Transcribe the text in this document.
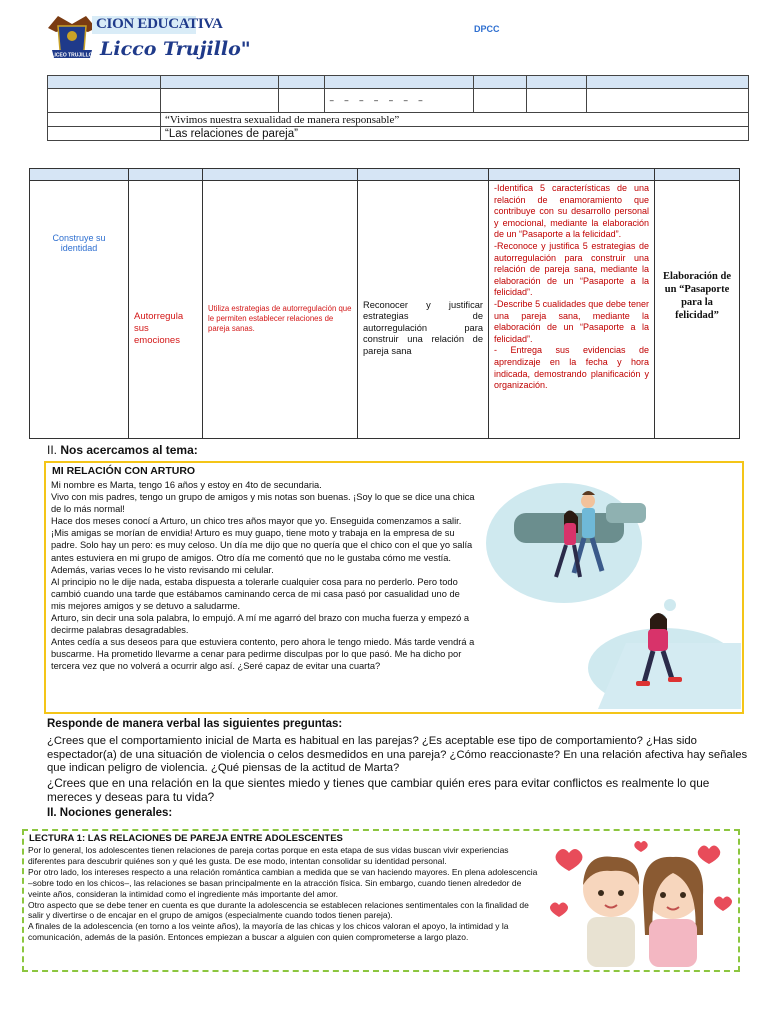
LICEO TRUJILLO
CION EDUCATIVA
Licco Trujillo"
DPCC

			– – – – – – –			
	“Vivimos nuestra sexualidad de manera responsable”					
	“Las relaciones de pareja”					

Construye su identidad	Autorregula sus emociones	Utiliza estrategias de autorregulación que le permiten establecer relaciones de pareja sanas.	Reconocer y justificar estrategias de autorregulación para construir una relación de pareja sana	-Identifica 5 características de una relación de enamoramiento que contribuye con su desarrollo personal y emocional, mediante la elaboración de un “Pasaporte a la felicidad”.
-Reconoce y justifica 5 estrategias de autorregulación para construir una relación de pareja sana, mediante la elaboración de un “Pasaporte a la felicidad”.
-Describe 5 cualidades que debe tener una pareja sana, mediante la elaboración de un “Pasaporte a la felicidad”.
- Entrega sus evidencias de aprendizaje en la fecha y hora indicada, demostrando planificación y organización.	Elaboración de un “Pasaporte para la felicidad”
II. Nos acercamos al tema:
MI RELACIÓN CON ARTURO

Mi nombre es Marta, tengo 16 años y estoy en 4to de secundaria.

Vivo con mis padres, tengo un grupo de amigos y mis notas son buenas. ¡Soy lo que se dice una chica de lo más normal!

Hace dos meses conocí a Arturo, un chico tres años mayor que yo. Enseguida comenzamos a salir. ¡Mis amigas se morían de envidia! Arturo es muy guapo, tiene moto y trabaja en la empresa de su padre. Solo hay un pero: es muy celoso. Un día me dijo que no quería que el chico con el que yo salía antes estuviera en mi grupo de amigos. Otro día me comentó que no le gustaba cómo me vestía. Además, varias veces lo he visto revisando mi celular.

Al principio no le dije nada, estaba dispuesta a tolerarle cualquier cosa para no perderlo. Pero todo cambió cuando una tarde que estábamos caminando cerca de mi casa pasó por casualidad uno de mis mejores amigos y se detuvo a saludarme.

Arturo, sin decir una sola palabra, lo empujó. A mí me agarró del brazo con mucha fuerza y empezó a decirme palabras desagradables.

Antes cedía a sus deseos para que estuviera contento, pero ahora le tengo miedo. Más tarde vendrá a buscarme. Ha prometido llevarme a cenar para pedirme disculpas por lo que pasó. Me ha dicho por tercera vez que no volverá a ocurrir algo así. ¿Seré capaz de evitar una cuarta?

Responde de manera verbal las siguientes preguntas:

¿Crees que el comportamiento inicial de Marta es habitual en las parejas? ¿Es aceptable ese tipo de comportamiento? ¿Has sido espectador(a) de una situación de violencia o celos desmedidos en una pareja? ¿Cómo reaccionaste? En una relación afectiva hay señales que indican peligro de violencia. ¿Qué piensas de la actitud de Marta?

¿Crees que en una relación en la que sientes miedo y tienes que cambiar quién eres para evitar conflictos es realmente lo que mereces y deseas para tu vida?

II. Nociones generales:
LECTURA 1: LAS RELACIONES DE PAREJA ENTRE ADOLESCENTES

Por lo general, los adolescentes tienen relaciones de pareja cortas porque en esta etapa de sus vidas buscan vivir experiencias diferentes para descubrir quiénes son y qué les gusta. De ese modo, intentan consolidar su identidad personal.

Por otro lado, los intereses respecto a una relación romántica cambian a medida que se van haciendo mayores. En plena adolescencia –sobre todo en los chicos–, las relaciones se basan principalmente en la atracción física. Sin embargo, cuando tienen alrededor de veinte años, consideran la intimidad como el ingrediente más importante del amor.

Otro aspecto que se debe tener en cuenta es que durante la adolescencia se establecen relaciones sentimentales con la finalidad de salir y divertirse o de encajar en el grupo de amigos (especialmente cuando todos tienen pareja).

A finales de la adolescencia (en torno a los veinte años), la mayoría de las chicas y los chicos valoran el apoyo, la intimidad y la comunicación, además de la pasión. Entonces empiezan a buscar a alguien con quien comprometerse a largo plazo.
